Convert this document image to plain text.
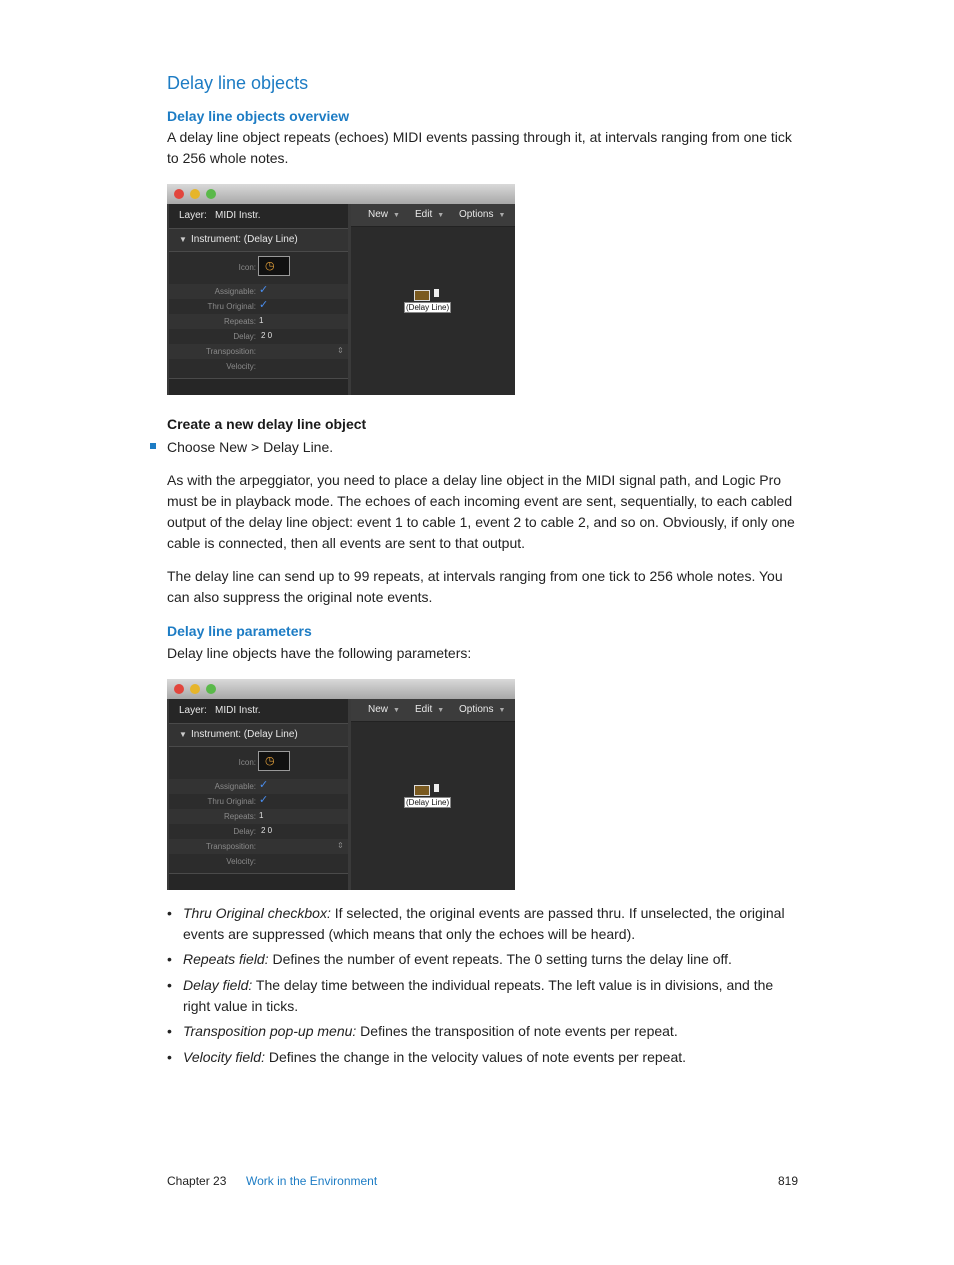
Delay line objects
Delay line objects overview
A delay line object repeats (echoes) MIDI events passing through it, at intervals ranging from one tick to 256 whole notes.
Layer: MIDI Instr.
▼ Instrument: (Delay Line)
Icon: ◷
Assignable: ✓
Thru Original: ✓
Repeats: 1
Delay: 2 0
Transposition:	⇕
Velocity:
New ▼ Edit ▼ Options ▼
(Delay Line)
Create a new delay line object
Choose New > Delay Line.
As with the arpeggiator, you need to place a delay line object in the MIDI signal path, and Logic Pro must be in playback mode. The echoes of each incoming event are sent, sequentially, to each cabled output of the delay line object: event 1 to cable 1, event 2 to cable 2, and so on. Obviously, if only one cable is connected, then all events are sent to that output.
The delay line can send up to 99 repeats, at intervals ranging from one tick to 256 whole notes. You can also suppress the original note events.
Delay line parameters
Delay line objects have the following parameters:
Layer: MIDI Instr.
▼ Instrument: (Delay Line)
Icon: ◷
Assignable: ✓
Thru Original: ✓
Repeats: 1
Delay: 2 0
Transposition:	⇕
Velocity:
New ▼ Edit ▼ Options ▼
(Delay Line)
• Thru Original checkbox: If selected, the original events are passed thru. If unselected, the original events are suppressed (which means that only the echoes will be heard).
• Repeats field: Defines the number of event repeats. The 0 setting turns the delay line off.
• Delay field: The delay time between the individual repeats. The left value is in divisions, and the right value in ticks.
• Transposition pop-up menu: Defines the transposition of note events per repeat.
• Velocity field: Defines the change in the velocity values of note events per repeat.
Chapter 23 Work in the Environment	819
